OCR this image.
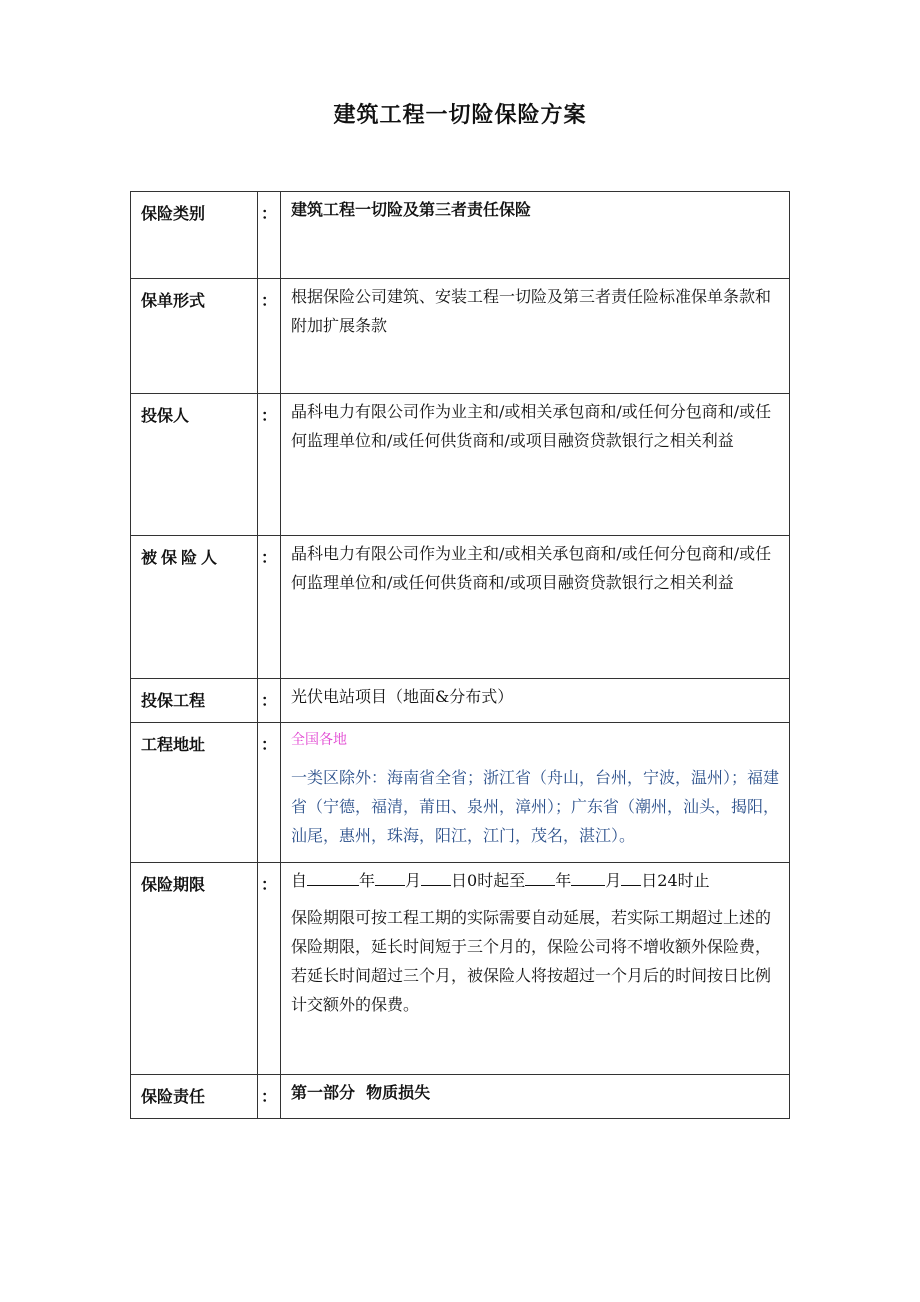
建筑工程一切险保险方案
保险类别	：	建筑工程一切险及第三者责任保险
保单形式	：	根据保险公司建筑、安装工程一切险及第三者责任险标准保单条款和附加扩展条款
投保人	：	晶科电力有限公司作为业主和/或相关承包商和/或任何分包商和/或任何监理单位和/或任何供货商和/或项目融资贷款银行之相关利益
被保险人	：	晶科电力有限公司作为业主和/或相关承包商和/或任何分包商和/或任何监理单位和/或任何供货商和/或项目融资贷款银行之相关利益
投保工程	：	光伏电站项目（地面&分布式）
工程地址	：	全国各地
一类区除外：海南省全省；浙江省（舟山，台州，宁波，温州）；福建省（宁德，福清，莆田、泉州，漳州）；广东省（潮州，汕头，揭阳，汕尾，惠州，珠海，阳江，江门，茂名，湛江）。

保险期限	：	自 年 月 日0时起至 年 月 日24时止
保险期限可按工程工期的实际需要自动延展，若实际工期超过上述的保险期限，延长时间短于三个月的，保险公司将不增收额外保险费，若延长时间超过三个月，被保险人将按超过一个月后的时间按日比例计交额外的保费。

保险责任	：	第一部分  物质损失
